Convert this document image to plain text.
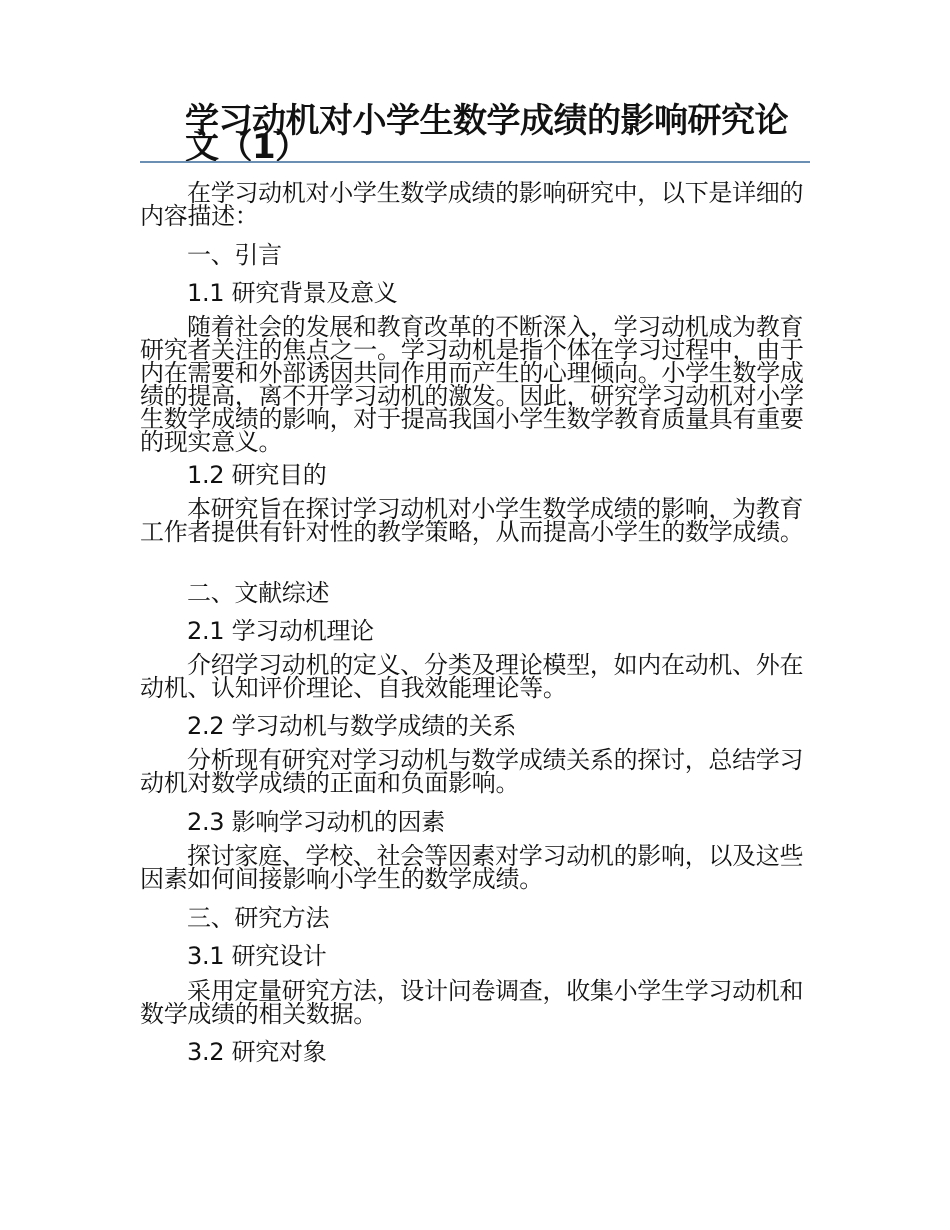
学习动机对小学生数学成绩的影响研究论文（1）
在学习动机对小学生数学成绩的影响研究中，以下是详细的内容描述：
一、引言
1.1 研究背景及意义
随着社会的发展和教育改革的不断深入，学习动机成为教育研究者关注的焦点之一。学习动机是指个体在学习过程中，由于内在需要和外部诱因共同作用而产生的心理倾向。小学生数学成绩的提高，离不开学习动机的激发。因此，研究学习动机对小学生数学成绩的影响，对于提高我国小学生数学教育质量具有重要的现实意义。
1.2 研究目的
本研究旨在探讨学习动机对小学生数学成绩的影响，为教育工作者提供有针对性的教学策略，从而提高小学生的数学成绩。
二、文献综述
2.1 学习动机理论
介绍学习动机的定义、分类及理论模型，如内在动机、外在动机、认知评价理论、自我效能理论等。
2.2 学习动机与数学成绩的关系
分析现有研究对学习动机与数学成绩关系的探讨，总结学习动机对数学成绩的正面和负面影响。
2.3 影响学习动机的因素
探讨家庭、学校、社会等因素对学习动机的影响，以及这些因素如何间接影响小学生的数学成绩。
三、研究方法
3.1 研究设计
采用定量研究方法，设计问卷调查，收集小学生学习动机和数学成绩的相关数据。
3.2 研究对象
